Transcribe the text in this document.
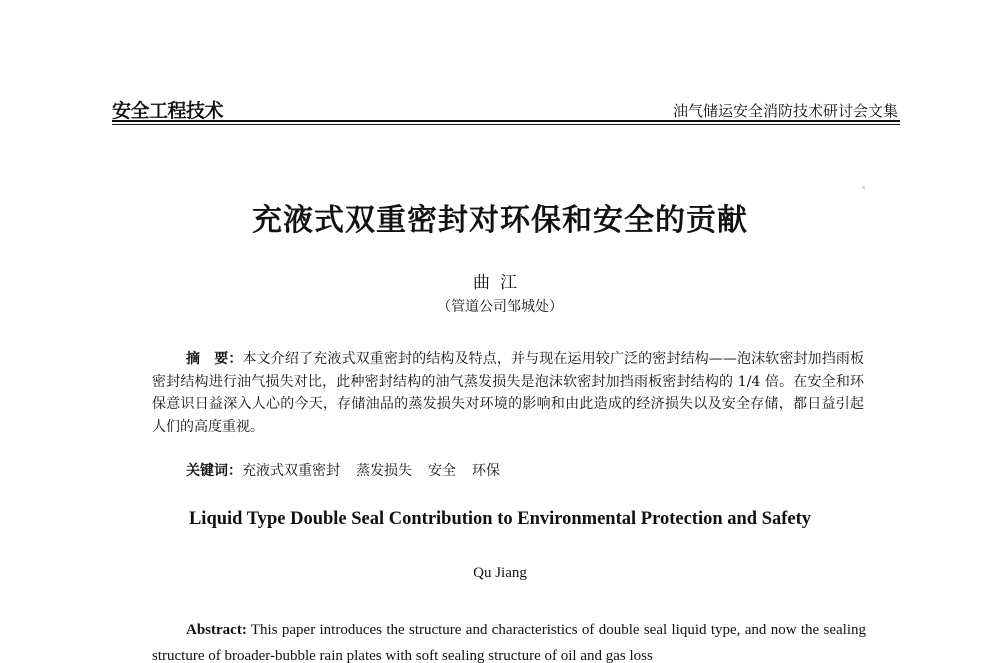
安全工程技术	油气储运安全消防技术研讨会文集
充液式双重密封对环保和安全的贡献
曲江
（管道公司邹城处）
摘　要：本文介绍了充液式双重密封的结构及特点，并与现在运用较广泛的密封结构——泡沫软密封加挡雨板密封结构进行油气损失对比，此种密封结构的油气蒸发损失是泡沫软密封加挡雨板密封结构的 1/4 倍。在安全和环保意识日益深入人心的今天，存储油品的蒸发损失对环境的影响和由此造成的经济损失以及安全存储，都日益引起人们的高度重视。
关键词：充液式双重密封 蒸发损失 安全 环保
Liquid Type Double Seal Contribution to Environmental Protection and Safety
Qu Jiang
Abstract: This paper introduces the structure and characteristics of double seal liquid type, and now the sealing structure of broader-bubble rain plates with soft sealing structure of oil and gas loss
